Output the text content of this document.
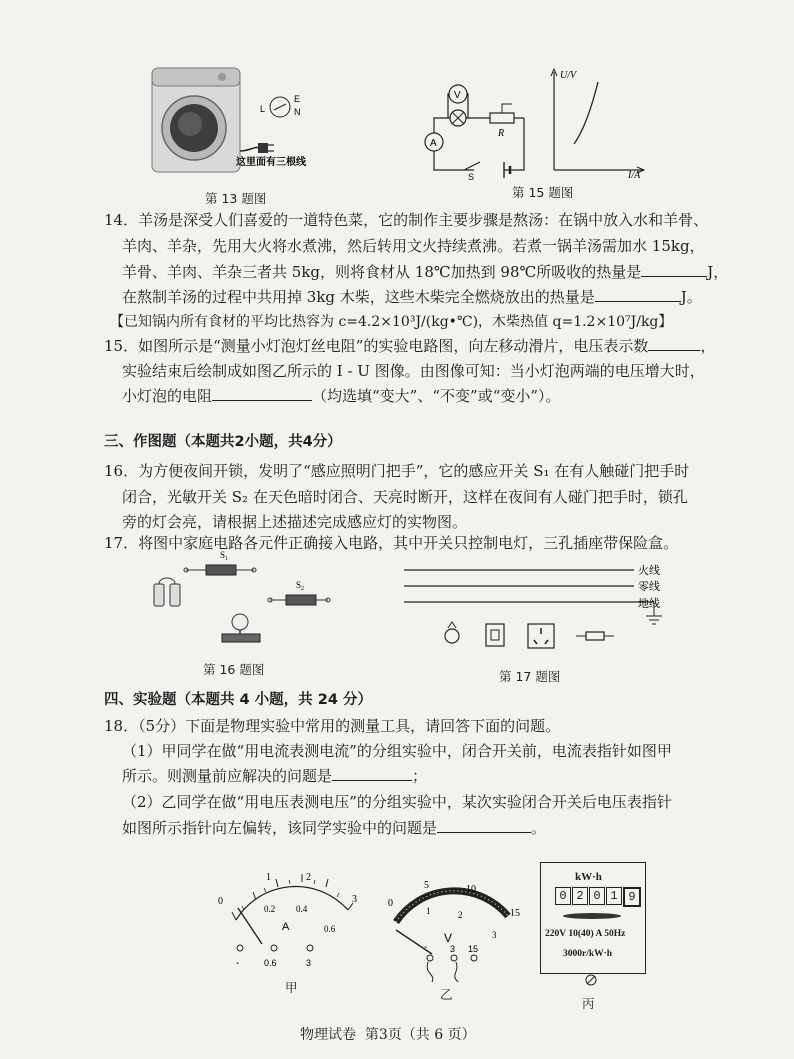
L
E
N
这里面有三根线
第 13 题图
A
V
R
S
U/V
I/A
第 15 题图
14．羊汤是深受人们喜爱的一道特色菜，它的制作主要步骤是熬汤：在锅中放入水和羊骨、
羊肉、羊杂，先用大火将水煮沸，然后转用文火持续煮沸。若煮一锅羊汤需加水 15kg，
羊骨、羊肉、羊杂三者共 5kg，则将食材从 18℃加热到 98℃所吸收的热量是	J，
在熬制羊汤的过程中共用掉 3kg 木柴，这些木柴完全燃烧放出的热量是	J。
【已知锅内所有食材的平均比热容为 c=4.2×10³J/(kg•℃)，木柴热值 q=1.2×10⁷J/kg】
15．如图所示是“测量小灯泡灯丝电阻”的实验电路图，向左移动滑片，电压表示数	，
实验结束后绘制成如图乙所示的 I - U 图像。由图像可知：当小灯泡两端的电压增大时，
小灯泡的电阻	（均选填“变大”、“不变”或“变小”）。
三、作图题（本题共2小题，共4分）
16．为方便夜间开锁，发明了“感应照明门把手”，它的感应开关 S₁ 在有人触碰门把手时
闭合，光敏开关 S₂ 在天色暗时闭合、天亮时断开，这样在夜间有人碰门把手时，锁孔
旁的灯会亮，请根据上述描述完成感应灯的实物图。
17．将图中家庭电路各元件正确接入电路，其中开关只控制电灯，三孔插座带保险盒。
$S_1$
$S_2$
第 16 题图
火线
零线
地线
第 17 题图
四、实验题（本题共 4 小题，共 24 分）
18．（5分）下面是物理实验中常用的测量工具，请回答下面的问题。
（1）甲同学在做“用电流表测电流”的分组实验中，闭合开关前，电流表指针如图甲
所示。则测量前应解决的问题是	；
（2）乙同学在做“用电压表测电压”的分组实验中，某次实验闭合开关后电压表指针
如图所示指针向左偏转，该同学实验中的问题是	。
0
1	2
3
0.2 0.4
0.6
A
-	0.6	3
甲
0
5	10
15
1	2
3
V
-	3 15
乙
kW·h
0 2 0 1 9
220V 10(40) A 50Hz
3000r/kW·h
丙
物理试卷  第3页（共 6 页）
